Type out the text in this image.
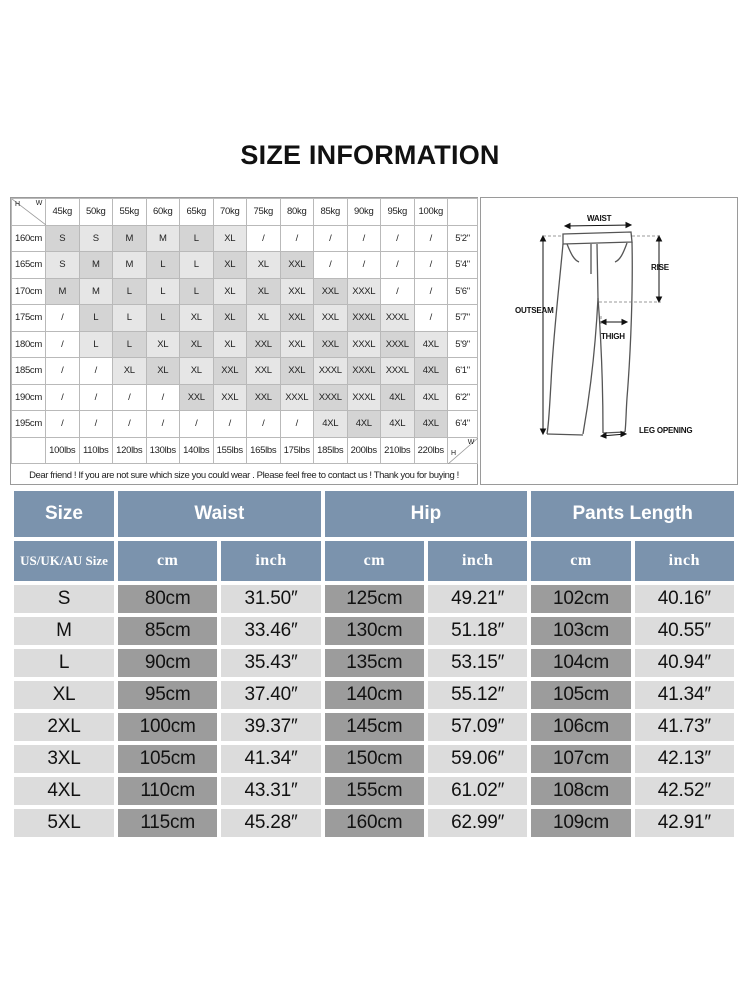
SIZE INFORMATION
H W	45kg	50kg	55kg	60kg	65kg	70kg	75kg	80kg	85kg	90kg	95kg	100kg	
160cm	S	S	M	M	L	XL	/	/	/	/	/	/	5'2"
165cm	S	M	M	L	L	XL	XL	XXL	/	/	/	/	5'4"
170cm	M	M	L	L	L	XL	XL	XXL	XXL	XXXL	/	/	5'6"
175cm	/	L	L	L	XL	XL	XL	XXL	XXL	XXXL	XXXL	/	5'7"
180cm	/	L	L	XL	XL	XL	XXL	XXL	XXL	XXXL	XXXL	4XL	5'9"
185cm	/	/	XL	XL	XL	XXL	XXL	XXL	XXXL	XXXL	XXXL	4XL	6'1"
190cm	/	/	/	/	XXL	XXL	XXL	XXXL	XXXL	XXXL	4XL	4XL	6'2"
195cm	/	/	/	/	/	/	/	/	4XL	4XL	4XL	4XL	6'4"
	100lbs	110lbs	120lbs	130lbs	140lbs	155lbs	165lbs	175lbs	185lbs	200lbs	210lbs	220lbs	H
W
Dear friend ! If you are not sure which size you could wear . Please feel free to contact us ! Thank you for buying !
WAIST
RISE
OUTSEAM
THIGH
LEG OPENING
Size	Waist		Hip		Pants Length	
US/UK/AU Size	cm	inch	cm	inch	cm	inch
S	80cm	31.50″	125cm	49.21″	102cm	40.16″
M	85cm	33.46″	130cm	51.18″	103cm	40.55″
L	90cm	35.43″	135cm	53.15″	104cm	40.94″
XL	95cm	37.40″	140cm	55.12″	105cm	41.34″
2XL	100cm	39.37″	145cm	57.09″	106cm	41.73″
3XL	105cm	41.34″	150cm	59.06″	107cm	42.13″
4XL	110cm	43.31″	155cm	61.02″	108cm	42.52″
5XL	115cm	45.28″	160cm	62.99″	109cm	42.91″
